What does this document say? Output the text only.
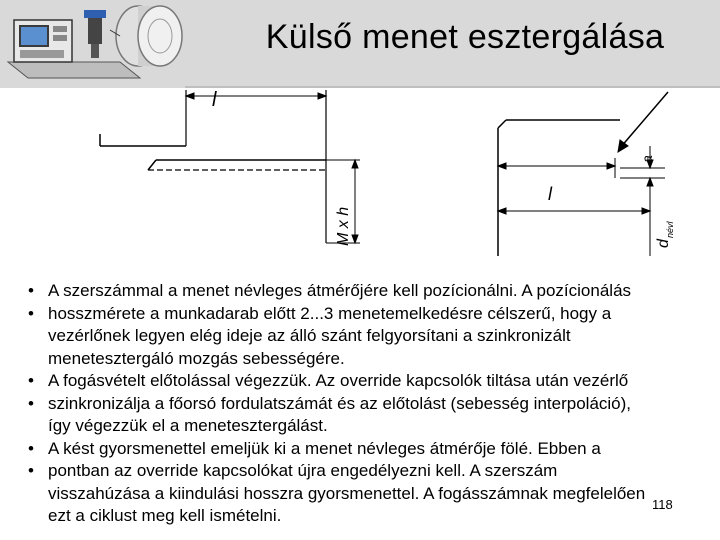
Külső menet esztergálása
l
M x h
l
a
d
névl
• A szerszámmal a menet névleges átmérőjére kell pozícionálni. A pozícionálás
• hosszmérete a munkadarab előtt 2...3 menetemelkedésre célszerű, hogy a
vezérlőnek legyen elég ideje az álló szánt felgyorsítani a szinkronizált
menetesztergáló mozgás sebességére.
• A fogásvételt előtolással végezzük. Az override kapcsolók tiltása után vezérlő
• szinkronizálja a főorsó fordulatszámát és az előtolást (sebesség interpoláció),
így végezzük el a menetesztergálást.
• A kést gyorsmenettel emeljük ki a menet névleges átmérője fölé. Ebben a
• pontban az override kapcsolókat újra engedélyezni kell. A szerszám
visszahúzása a kiindulási hosszra gyorsmenettel. A fogásszámnak megfelelően
ezt a ciklust meg kell ismételni.
118
